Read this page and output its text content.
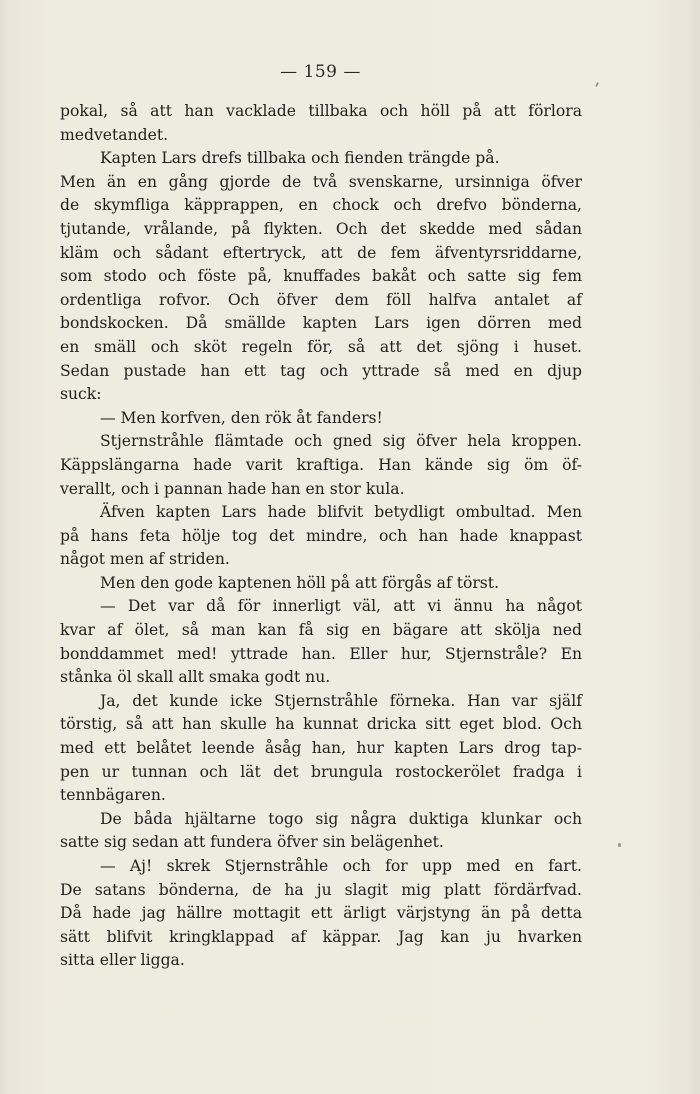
— 159 —
pokal, så att han vacklade tillbaka och höll på att förlora
medvetandet.
Kapten Lars drefs tillbaka och fienden trängde på.
Men än en gång gjorde de två svenskarne, ursinniga öfver
de skymfliga käpprappen, en chock och drefvo bönderna,
tjutande, vrålande, på flykten. Och det skedde med sådan
kläm och sådant eftertryck, att de fem äfventyrsriddarne,
som stodo och föste på, knuffades bakåt och satte sig fem
ordentliga rofvor. Och öfver dem föll halfva antalet af
bondskocken. Då smällde kapten Lars igen dörren med
en smäll och sköt regeln för, så att det sjöng i huset.
Sedan pustade han ett tag och yttrade så med en djup
suck:
— Men korfven, den rök åt fanders!
Stjernstråhle flämtade och gned sig öfver hela kroppen.
Käppslängarna hade varit kraftiga. Han kände sig öm öf-
verallt, och i pannan hade han en stor kula.
Äfven kapten Lars hade blifvit betydligt ombultad. Men
på hans feta hölje tog det mindre, och han hade knappast
något men af striden.
Men den gode kaptenen höll på att förgås af törst.
— Det var då för innerligt väl, att vi ännu ha något
kvar af ölet, så man kan få sig en bägare att skölja ned
bonddammet med! yttrade han. Eller hur, Stjernstråle? En
stånka öl skall allt smaka godt nu.
Ja, det kunde icke Stjernstråhle förneka. Han var själf
törstig, så att han skulle ha kunnat dricka sitt eget blod. Och
med ett belåtet leende åsåg han, hur kapten Lars drog tap-
pen ur tunnan och lät det brungula rostockerölet fradga i
tennbägaren.
De båda hjältarne togo sig några duktiga klunkar och
satte sig sedan att fundera öfver sin belägenhet.
— Aj! skrek Stjernstråhle och for upp med en fart.
De satans bönderna, de ha ju slagit mig platt fördärfvad.
Då hade jag hällre mottagit ett ärligt värjstyng än på detta
sätt blifvit kringklappad af käppar. Jag kan ju hvarken
sitta eller ligga.
